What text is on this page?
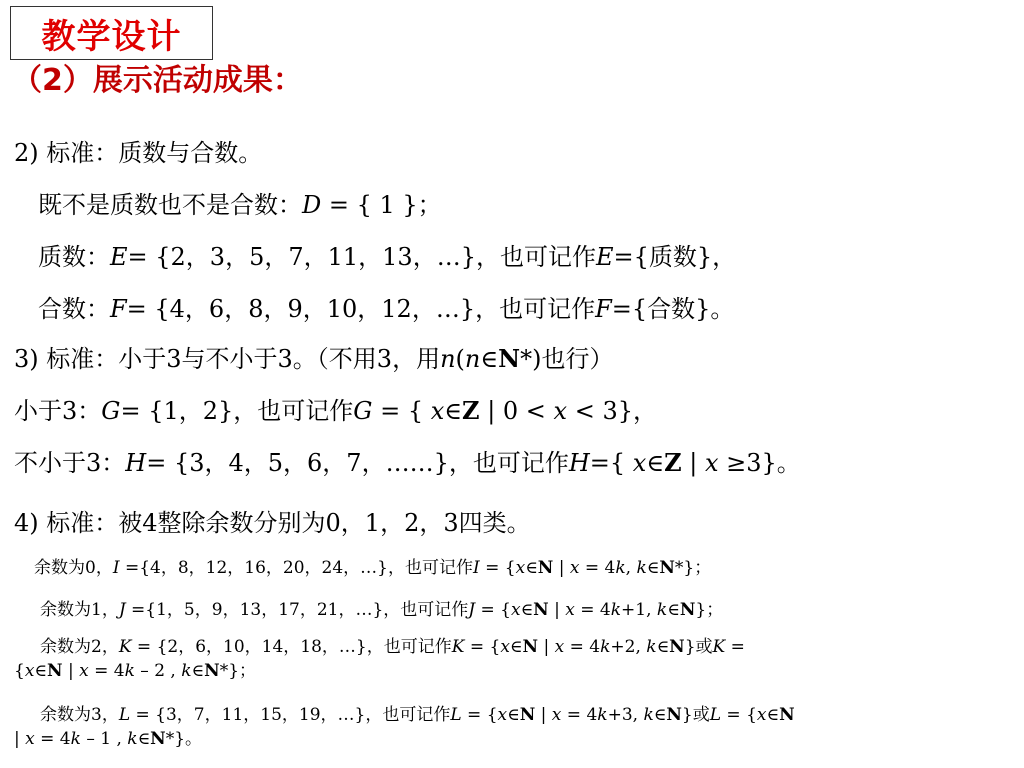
教学设计
（2）展示活动成果：
2) 标准：质数与合数。
既不是质数也不是合数：D = { 1 }；
质数：E= {2，3，5，7，11，13，…}，也可记作E={质数}，
合数：F= {4，6，8，9，10，12，…}，也可记作F={合数}。
3) 标准：小于3与不小于3。（不用3，用n(n∈N*)也行）
小于3：G= {1，2}，也可记作G = { x∈Z | 0 < x < 3}，
不小于3：H= {3，4，5，6，7，……}，也可记作H={ x∈Z | x ≥3}。
4) 标准：被4整除余数分别为0，1，2，3四类。
余数为0，I ={4，8，12，16，20，24，…}，也可记作I = {x∈N | x = 4k, k∈N*}；
余数为1，J ={1，5，9，13，17，21，…}，也可记作J = {x∈N | x = 4k+1, k∈N}；
余数为2，K = {2，6，10，14，18，…}，也可记作K = {x∈N | x = 4k+2, k∈N}或K =
{x∈N | x = 4k – 2 , k∈N*}；
余数为3，L = {3，7，11，15，19，…}，也可记作L = {x∈N | x = 4k+3, k∈N}或L = {x∈N
| x = 4k – 1 , k∈N*}。
